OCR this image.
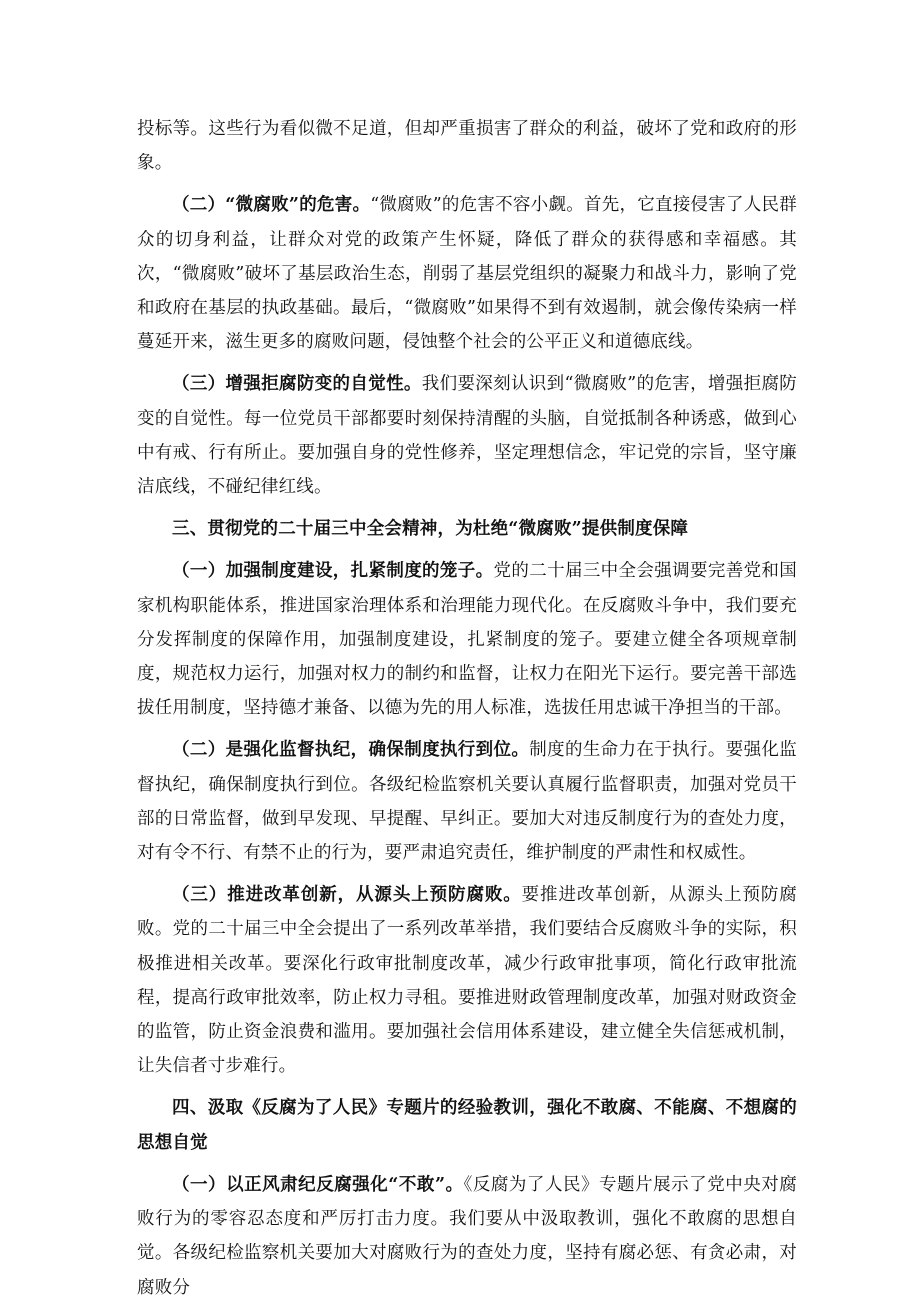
投标等。这些行为看似微不足道，但却严重损害了群众的利益，破坏了党和政府的形象。

（二）“微腐败”的危害。“微腐败”的危害不容小觑。首先，它直接侵害了人民群众的切身利益，让群众对党的政策产生怀疑，降低了群众的获得感和幸福感。其次，“微腐败”破坏了基层政治生态，削弱了基层党组织的凝聚力和战斗力，影响了党和政府在基层的执政基础。最后，“微腐败”如果得不到有效遏制，就会像传染病一样蔓延开来，滋生更多的腐败问题，侵蚀整个社会的公平正义和道德底线。

（三）增强拒腐防变的自觉性。我们要深刻认识到“微腐败”的危害，增强拒腐防变的自觉性。每一位党员干部都要时刻保持清醒的头脑，自觉抵制各种诱惑，做到心中有戒、行有所止。要加强自身的党性修养，坚定理想信念，牢记党的宗旨，坚守廉洁底线，不碰纪律红线。

三、贯彻党的二十届三中全会精神，为杜绝“微腐败”提供制度保障

（一）加强制度建设，扎紧制度的笼子。党的二十届三中全会强调要完善党和国家机构职能体系，推进国家治理体系和治理能力现代化。在反腐败斗争中，我们要充分发挥制度的保障作用，加强制度建设，扎紧制度的笼子。要建立健全各项规章制度，规范权力运行，加强对权力的制约和监督，让权力在阳光下运行。要完善干部选拔任用制度，坚持德才兼备、以德为先的用人标准，选拔任用忠诚干净担当的干部。

（二）是强化监督执纪，确保制度执行到位。制度的生命力在于执行。要强化监督执纪，确保制度执行到位。各级纪检监察机关要认真履行监督职责，加强对党员干部的日常监督，做到早发现、早提醒、早纠正。要加大对违反制度行为的查处力度，对有令不行、有禁不止的行为，要严肃追究责任，维护制度的严肃性和权威性。

（三）推进改革创新，从源头上预防腐败。要推进改革创新，从源头上预防腐败。党的二十届三中全会提出了一系列改革举措，我们要结合反腐败斗争的实际，积极推进相关改革。要深化行政审批制度改革，减少行政审批事项，简化行政审批流程，提高行政审批效率，防止权力寻租。要推进财政管理制度改革，加强对财政资金的监管，防止资金浪费和滥用。要加强社会信用体系建设，建立健全失信惩戒机制，让失信者寸步难行。

四、汲取《反腐为了人民》专题片的经验教训，强化不敢腐、不能腐、不想腐的思想自觉

（一）以正风肃纪反腐强化“不敢”。《反腐为了人民》专题片展示了党中央对腐败行为的零容忍态度和严厉打击力度。我们要从中汲取教训，强化不敢腐的思想自觉。各级纪检监察机关要加大对腐败行为的查处力度，坚持有腐必惩、有贪必肃，对腐败分
